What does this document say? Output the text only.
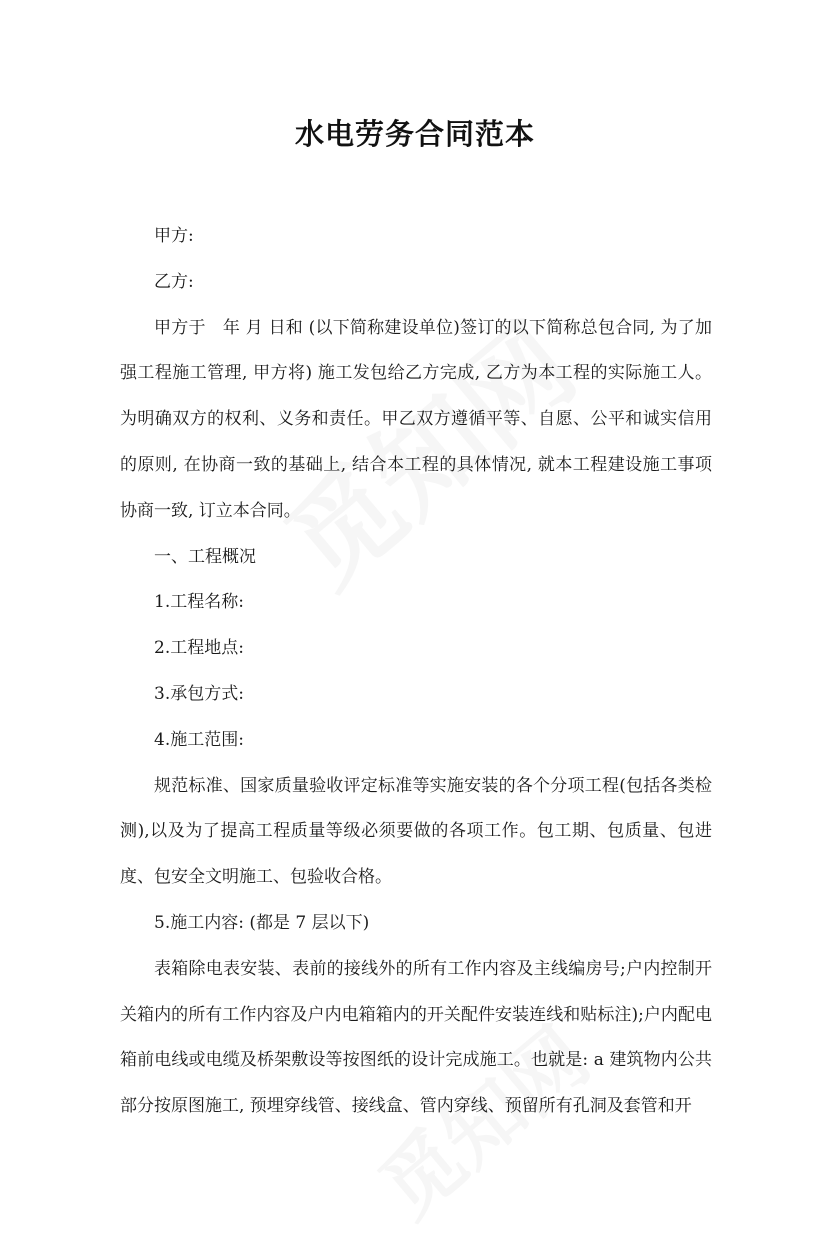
水电劳务合同范本

甲方:

乙方:

甲方于　年 月 日和 (以下简称建设单位)签订的以下简称总包合同, 为了加强工程施工管理, 甲方将) 施工发包给乙方完成, 乙方为本工程的实际施工人。为明确双方的权利、义务和责任。甲乙双方遵循平等、自愿、公平和诚实信用的原则, 在协商一致的基础上, 结合本工程的具体情况, 就本工程建设施工事项协商一致, 订立本合同。

一、工程概况

1.工程名称:

2.工程地点:

3.承包方式:

4.施工范围:

规范标准、国家质量验收评定标准等实施安装的各个分项工程(包括各类检测),以及为了提高工程质量等级必须要做的各项工作。包工期、包质量、包进度、包安全文明施工、包验收合格。

5.施工内容: (都是 7 层以下)

表箱除电表安装、表前的接线外的所有工作内容及主线编房号;户内控制开关箱内的所有工作内容及户内电箱箱内的开关配件安装连线和贴标注);户内配电箱前电线或电缆及桥架敷设等按图纸的设计完成施工。也就是: a 建筑物内公共部分按原图施工, 预埋穿线管、接线盒、管内穿线、预留所有孔洞及套管和开
